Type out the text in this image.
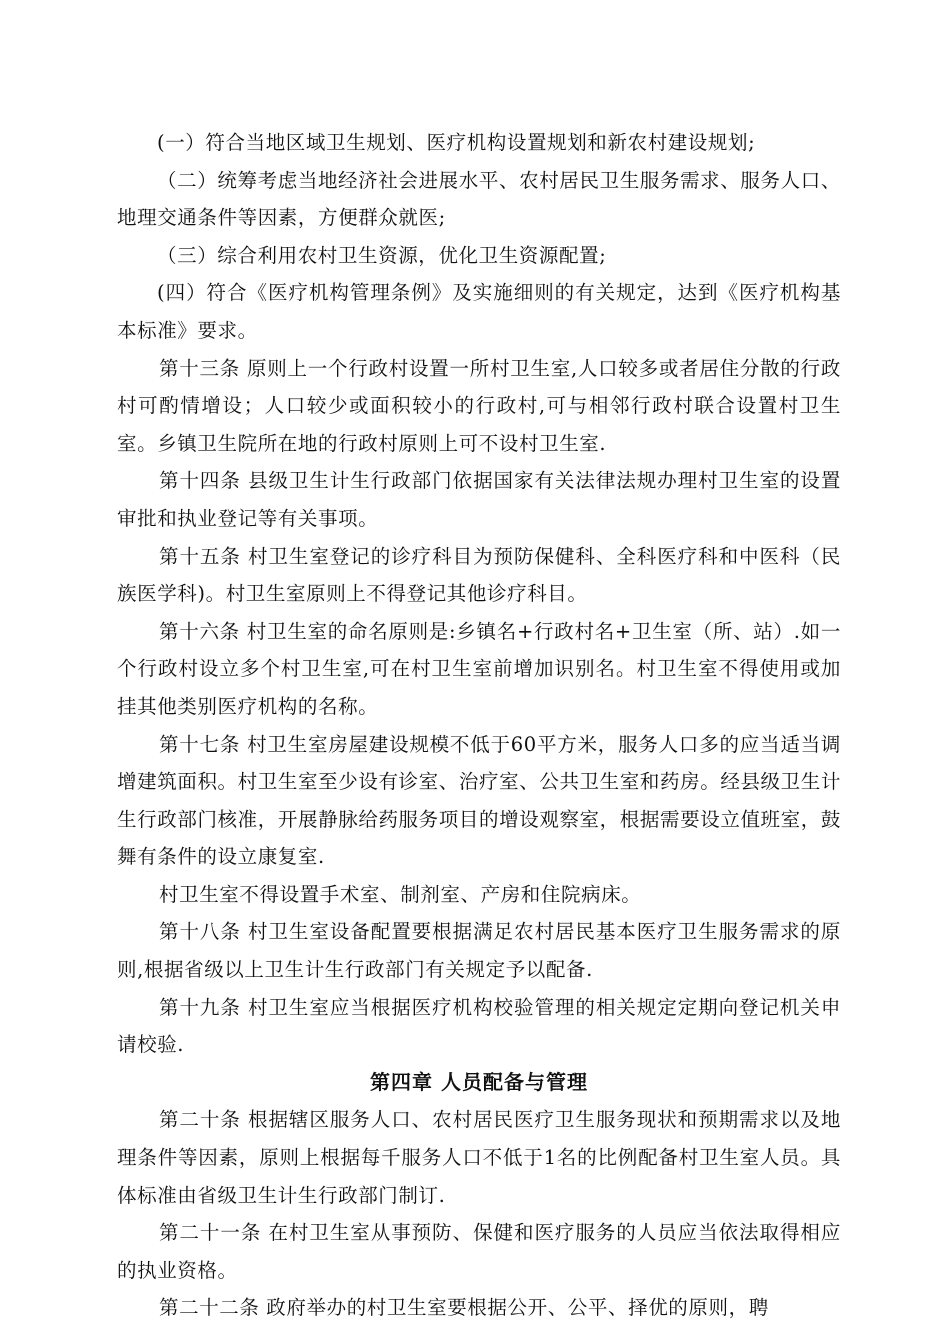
(一）符合当地区域卫生规划、医疗机构设置规划和新农村建设规划;

（二）统筹考虑当地经济社会进展水平、农村居民卫生服务需求、服务人口、地理交通条件等因素，方便群众就医;

（三）综合利用农村卫生资源，优化卫生资源配置;

(四）符合《医疗机构管理条例》及实施细则的有关规定，达到《医疗机构基本标准》要求。

第十三条 原则上一个行政村设置一所村卫生室,人口较多或者居住分散的行政村可酌情增设；人口较少或面积较小的行政村,可与相邻行政村联合设置村卫生室。乡镇卫生院所在地的行政村原则上可不设村卫生室.

第十四条 县级卫生计生行政部门依据国家有关法律法规办理村卫生室的设置审批和执业登记等有关事项。

第十五条 村卫生室登记的诊疗科目为预防保健科、全科医疗科和中医科（民族医学科)。村卫生室原则上不得登记其他诊疗科目。

第十六条 村卫生室的命名原则是:乡镇名+行政村名+卫生室（所、站）.如一个行政村设立多个村卫生室,可在村卫生室前增加识别名。村卫生室不得使用或加挂其他类别医疗机构的名称。

第十七条 村卫生室房屋建设规模不低于60平方米，服务人口多的应当适当调增建筑面积。村卫生室至少设有诊室、治疗室、公共卫生室和药房。经县级卫生计生行政部门核准，开展静脉给药服务项目的增设观察室，根据需要设立值班室，鼓舞有条件的设立康复室.

村卫生室不得设置手术室、制剂室、产房和住院病床。

第十八条 村卫生室设备配置要根据满足农村居民基本医疗卫生服务需求的原则,根据省级以上卫生计生行政部门有关规定予以配备.

第十九条 村卫生室应当根据医疗机构校验管理的相关规定定期向登记机关申请校验.

第四章 人员配备与管理

第二十条 根据辖区服务人口、农村居民医疗卫生服务现状和预期需求以及地理条件等因素，原则上根据每千服务人口不低于1名的比例配备村卫生室人员。具体标准由省级卫生计生行政部门制订.

第二十一条 在村卫生室从事预防、保健和医疗服务的人员应当依法取得相应的执业资格。

第二十二条 政府举办的村卫生室要根据公开、公平、择优的原则，聘
